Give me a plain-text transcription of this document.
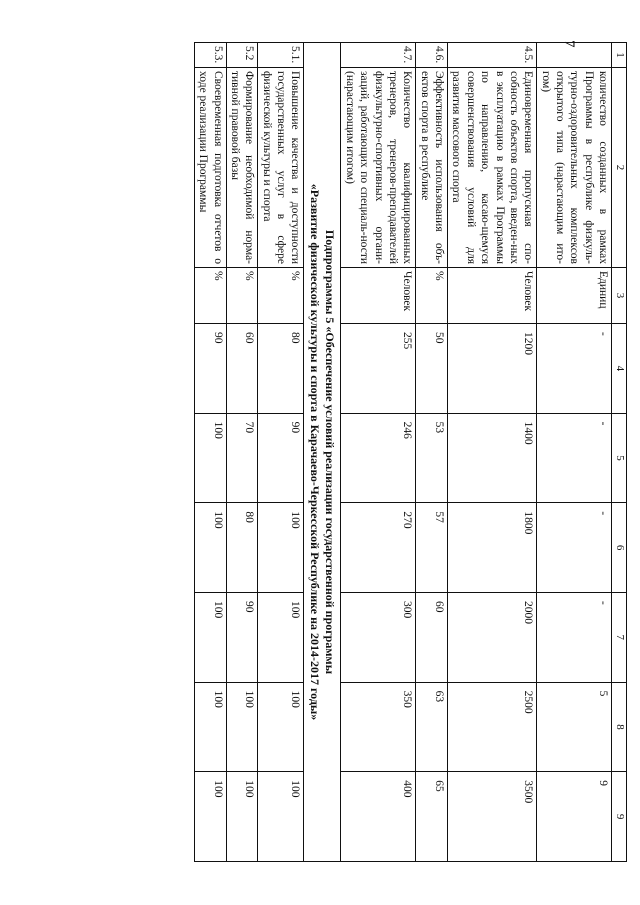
7
1	2	3	4	5	6	7	8	9
	количество созданных в рамках Программы в республике физкуль-турно-оздоровительных комплексов открытого типа (нарастающим ито-гом)	Единиц	-	-	-	-	5	9
4.5.	Единовременная пропускная спо-собность объектов спорта, введен-ных в эксплуатацию в рамках Программы по направлению, касаю-щемуся совершенствования условий для развития массового спорта	Человек	1200	1400	1800	2000	2500	3500
4.6.	Эффективность использования объ-ектов спорта в республике	%	50	53	57	60	63	65
4.7.	Количество квалифицированных тренеров, тренеров-преподавателей физкультурно-спортивных органи-заций, работающих по специаль-ности (нарастающим итогом)	Человек	255	246	270	300	350	400

Подпрограммы 5 «Обеспечение условий реализации государственной программы
«Развитие физической культуры и спорта в Карачаево-Черкесской Республике на 2014-2017 годы»								

5.1.	Повышение качества и доступности государственных услуг в сфере физической культуры и спорта	%	80	90	100	100	100	100
5.2	Формирование необходимой норма-тивной правовой базы	%	60	70	80	90	100	100
5.3.	Своевременная подготовка отчетов о ходе реализации Программы	%	90	100	100	100	100	100
